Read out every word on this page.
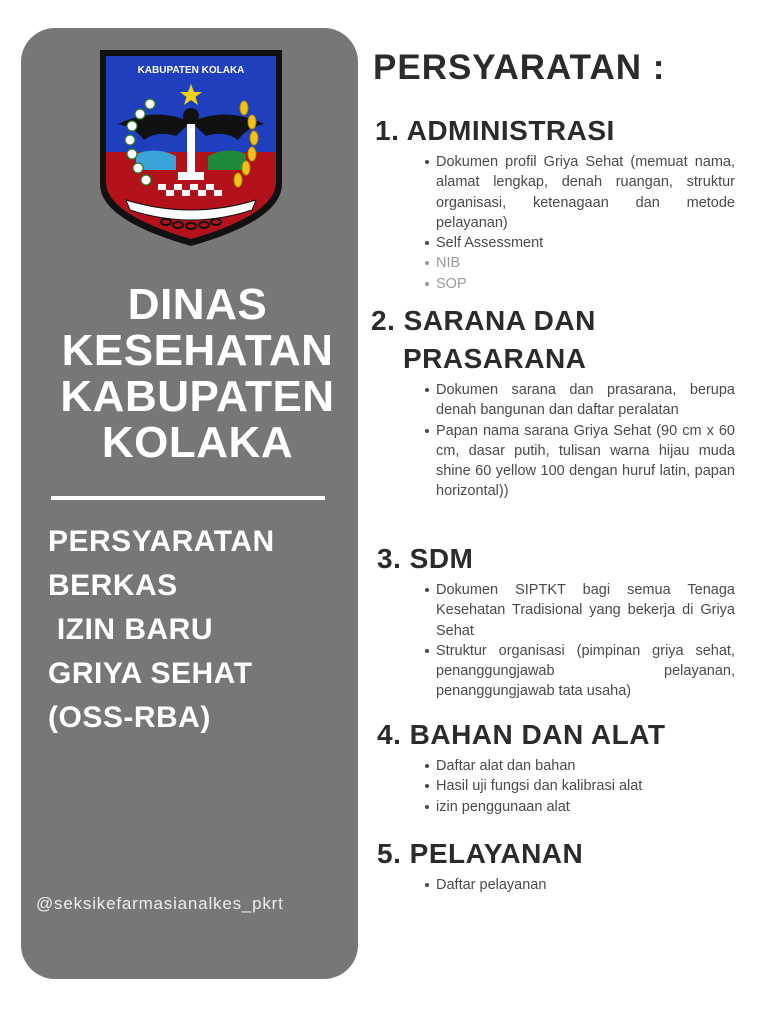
KABUPATEN KOLAKA
DINAS
KESEHATAN
KABUPATEN
KOLAKA
PERSYARATAN
BERKAS
IZIN BARU
GRIYA SEHAT
(OSS-RBA)
@seksikefarmasianalkes_pkrt
PERSYARATAN :
1. ADMINISTRASI
Dokumen profil Griya Sehat (memuat nama, alamat lengkap, denah ruangan, struktur organisasi, ketenagaan dan metode pelayanan)
Self Assessment
NIB
SOP
2. SARANA DAN
PRASARANA
Dokumen sarana dan prasarana, berupa denah bangunan dan daftar peralatan
Papan nama sarana Griya Sehat (90 cm x 60 cm, dasar putih, tulisan warna hijau muda shine 60 yellow 100 dengan huruf latin, papan horizontal))
3. SDM
Dokumen SIPTKT bagi semua Tenaga Kesehatan Tradisional yang bekerja di Griya Sehat
Struktur organisasi (pimpinan griya sehat, penanggungjawab pelayanan, penanggungjawab tata usaha)
4. BAHAN DAN ALAT
Daftar alat dan bahan
Hasil uji fungsi dan kalibrasi alat
izin penggunaan alat
5. PELAYANAN
Daftar pelayanan
